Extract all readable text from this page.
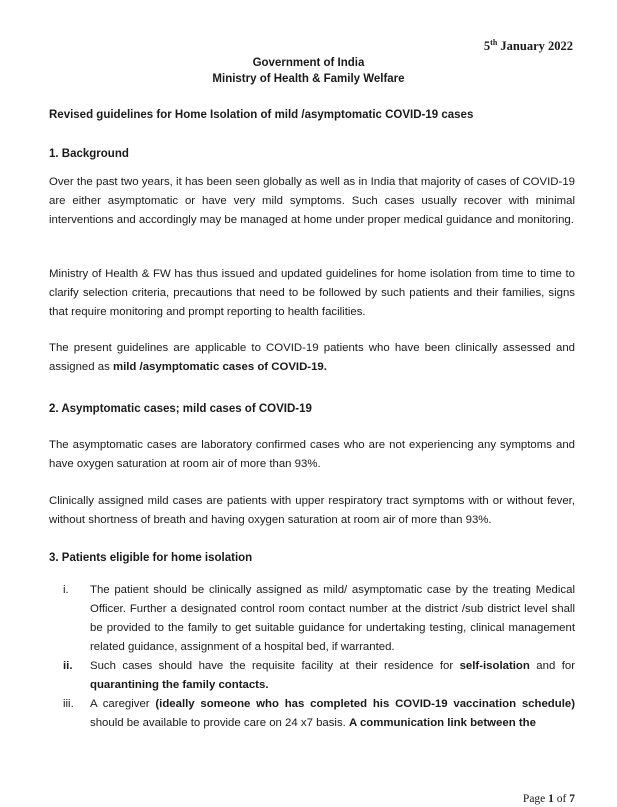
5th January 2022
Government of India
Ministry of Health & Family Welfare
Revised guidelines for Home Isolation of mild /asymptomatic COVID-19 cases
1. Background
Over the past two years, it has been seen globally as well as in India that majority of cases of COVID-19 are either asymptomatic or have very mild symptoms. Such cases usually recover with minimal interventions and accordingly may be managed at home under proper medical guidance and monitoring.
Ministry of Health & FW has thus issued and updated guidelines for home isolation from time to time to clarify selection criteria, precautions that need to be followed by such patients and their families, signs that require monitoring and prompt reporting to health facilities.
The present guidelines are applicable to COVID-19 patients who have been clinically assessed and assigned as mild /asymptomatic cases of COVID-19.
2. Asymptomatic cases; mild cases of COVID-19
The asymptomatic cases are laboratory confirmed cases who are not experiencing any symptoms and have oxygen saturation at room air of more than 93%.
Clinically assigned mild cases are patients with upper respiratory tract symptoms with or without fever, without shortness of breath and having oxygen saturation at room air of more than 93%.
3. Patients eligible for home isolation
i. The patient should be clinically assigned as mild/ asymptomatic case by the treating Medical Officer. Further a designated control room contact number at the district /sub district level shall be provided to the family to get suitable guidance for undertaking testing, clinical management related guidance, assignment of a hospital bed, if warranted.
ii. Such cases should have the requisite facility at their residence for self-isolation and for quarantining the family contacts.
iii. A caregiver (ideally someone who has completed his COVID-19 vaccination schedule) should be available to provide care on 24 x7 basis. A communication link between the
Page 1 of 7
